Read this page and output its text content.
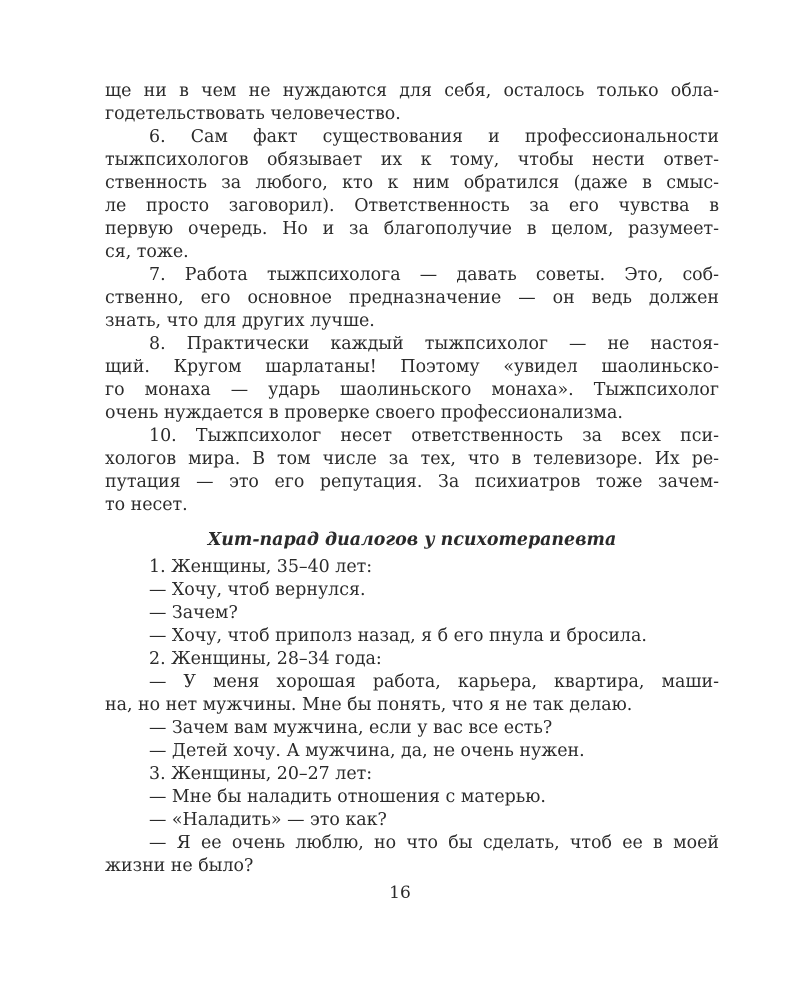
ще ни в чем не нуждаются для себя, осталось только обла-
годетельствовать человечество.
6. Сам факт существования и профессиональности
тыжпсихологов обязывает их к тому, чтобы нести ответ-
ственность за любого, кто к ним обратился (даже в смыс-
ле просто заговорил). Ответственность за его чувства в
первую очередь. Но и за благополучие в целом, разумеет-
ся, тоже.
7. Работа тыжпсихолога — давать советы. Это, соб-
ственно, его основное предназначение — он ведь должен
знать, что для других лучше.
8. Практически каждый тыжпсихолог — не настоя-
щий. Кругом шарлатаны! Поэтому «увидел шаолиньско-
го монаха — ударь шаолиньского монаха». Тыжпсихолог
очень нуждается в проверке своего профессионализма.
10. Тыжпсихолог несет ответственность за всех пси-
хологов мира. В том числе за тех, что в телевизоре. Их ре-
путация — это его репутация. За психиатров тоже зачем-
то несет.
Хит-парад диалогов у психотерапевта
1. Женщины, 35–40 лет:
— Хочу, чтоб вернулся.
— Зачем?
— Хочу, чтоб приполз назад, я б его пнула и бросила.
2. Женщины, 28–34 года:
— У меня хорошая работа, карьера, квартира, маши-
на, но нет мужчины. Мне бы понять, что я не так делаю.
— Зачем вам мужчина, если у вас все есть?
— Детей хочу. А мужчина, да, не очень нужен.
3. Женщины, 20–27 лет:
— Мне бы наладить отношения с матерью.
— «Наладить» — это как?
— Я ее очень люблю, но что бы сделать, чтоб ее в моей
жизни не было?
16
